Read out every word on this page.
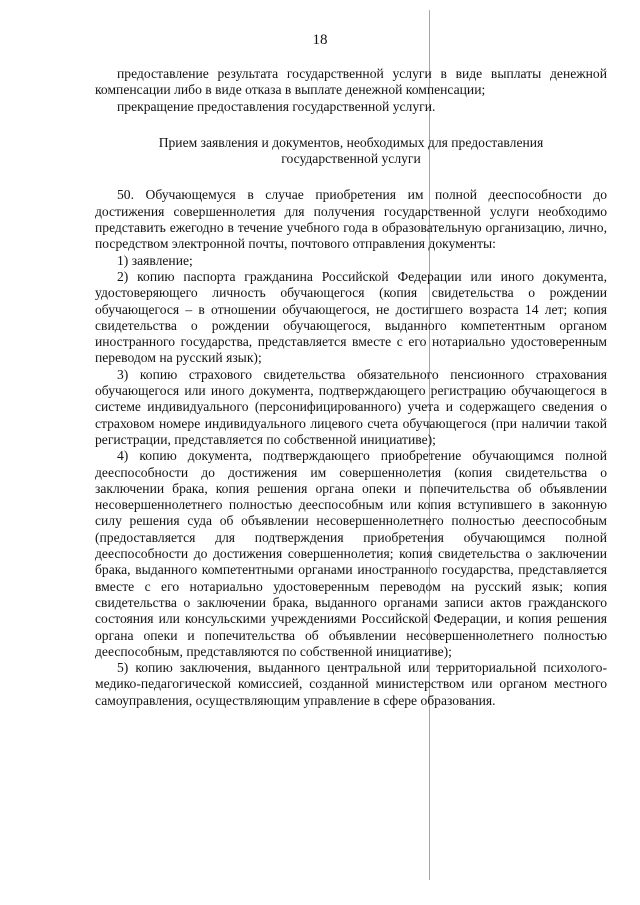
18

предоставление результата государственной услуги в виде выплаты денежной компенсации либо в виде отказа в выплате денежной компенсации;

прекращение предоставления государственной услуги.

Прием заявления и документов, необходимых для предоставления государственной услуги

50. Обучающемуся в случае приобретения им полной дееспособности до достижения совершеннолетия для получения государственной услуги необходимо представить ежегодно в течение учебного года в образовательную организацию, лично, посредством электронной почты, почтового отправления документы:

1) заявление;

2) копию паспорта гражданина Российской Федерации или иного документа, удостоверяющего личность обучающегося (копия свидетельства о рождении обучающегося – в отношении обучающегося, не достигшего возраста 14 лет; копия свидетельства о рождении обучающегося, выданного компетентным органом иностранного государства, представляется вместе с его нотариально удостоверенным переводом на русский язык);

3) копию страхового свидетельства обязательного пенсионного страхования обучающегося или иного документа, подтверждающего регистрацию обучающегося в системе индивидуального (персонифицированного) учета и содержащего сведения о страховом номере индивидуального лицевого счета обучающегося (при наличии такой регистрации, представляется по собственной инициативе);

4) копию документа, подтверждающего приобретение обучающимся полной дееспособности до достижения им совершеннолетия (копия свидетельства о заключении брака, копия решения органа опеки и попечительства об объявлении несовершеннолетнего полностью дееспособным или копия вступившего в законную силу решения суда об объявлении несовершеннолетнего полностью дееспособным (предоставляется для подтверждения приобретения обучающимся полной дееспособности до достижения совершеннолетия; копия свидетельства о заключении брака, выданного компетентными органами иностранного государства, представляется вместе с его нотариально удостоверенным переводом на русский язык; копия свидетельства о заключении брака, выданного органами записи актов гражданского состояния или консульскими учреждениями Российской Федерации, и копия решения органа опеки и попечительства об объявлении несовершеннолетнего полностью дееспособным, представляются по собственной инициативе);

5) копию заключения, выданного центральной или территориальной психолого-медико-педагогической комиссией, созданной министерством или органом местного самоуправления, осуществляющим управление в сфере образования.
